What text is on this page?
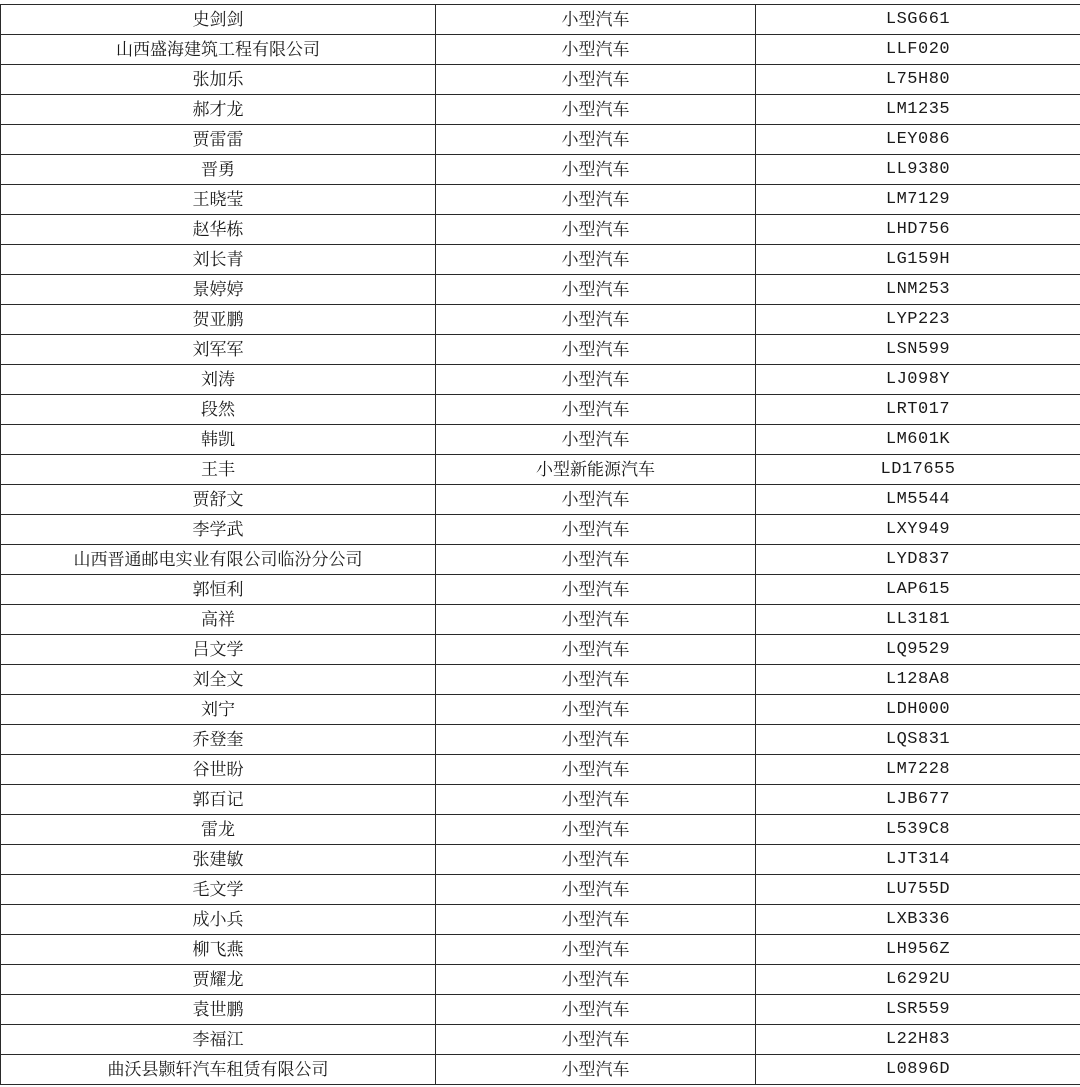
史剑剑	小型汽车	LSG661
山西盛海建筑工程有限公司	小型汽车	LLF020
张加乐	小型汽车	L75H80
郝才龙	小型汽车	LM1235
贾雷雷	小型汽车	LEY086
晋勇	小型汽车	LL9380
王晓莹	小型汽车	LM7129
赵华栋	小型汽车	LHD756
刘长青	小型汽车	LG159H
景婷婷	小型汽车	LNM253
贺亚鹏	小型汽车	LYP223
刘军军	小型汽车	LSN599
刘涛	小型汽车	LJ098Y
段然	小型汽车	LRT017
韩凯	小型汽车	LM601K
王丰	小型新能源汽车	LD17655
贾舒文	小型汽车	LM5544
李学武	小型汽车	LXY949
山西晋通邮电实业有限公司临汾分公司	小型汽车	LYD837
郭恒利	小型汽车	LAP615
高祥	小型汽车	LL3181
吕文学	小型汽车	LQ9529
刘全文	小型汽车	L128A8
刘宁	小型汽车	LDH000
乔登奎	小型汽车	LQS831
谷世盼	小型汽车	LM7228
郭百记	小型汽车	LJB677
雷龙	小型汽车	L539C8
张建敏	小型汽车	LJT314
毛文学	小型汽车	LU755D
成小兵	小型汽车	LXB336
柳飞燕	小型汽车	LH956Z
贾耀龙	小型汽车	L6292U
袁世鹏	小型汽车	LSR559
李福江	小型汽车	L22H83
曲沃县颢轩汽车租赁有限公司	小型汽车	L0896D
